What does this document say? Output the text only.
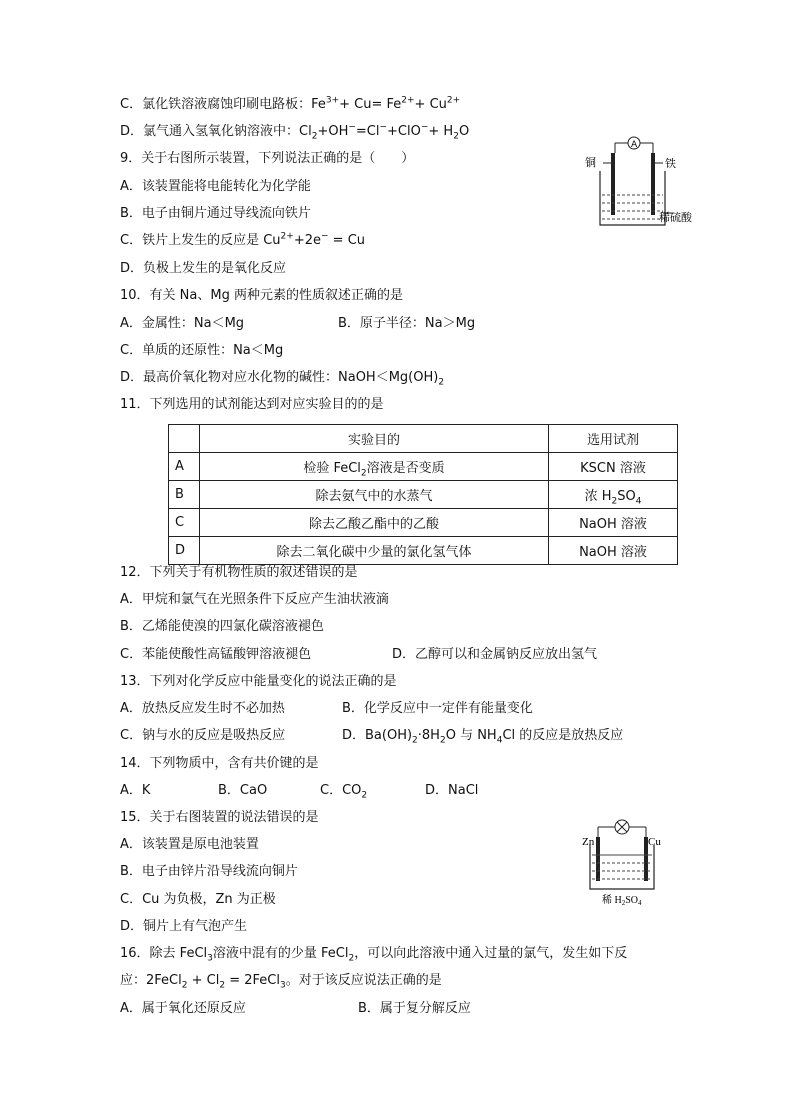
C．氯化铁溶液腐蚀印刷电路板：$Fe^{3+}+ Cu= Fe^{2+}+ Cu^{2+}$
D．氯气通入氢氧化钠溶液中：$Cl_2+OH^-=Cl^-+ClO^-+ H_2O$
9．关于右图所示装置，下列说法正确的是（　　）
A．该装置能将电能转化为化学能
B．电子由铜片通过导线流向铁片
C．铁片上发生的反应是 $Cu^{2+}+2e^- = Cu$
D．负极上发生的是氧化反应
A
铜	铁
稀硫酸
10．有关 Na、Mg 两种元素的性质叙述正确的是
A．金属性：Na＜Mg	B．原子半径：Na＞Mg
C．单质的还原性：Na＜Mg
D．最高价氧化物对应水化物的碱性：$NaOH<Mg(OH)_2$
11．下列选用的试剂能达到对应实验目的的是
	实验目的	选用试剂
A	检验 FeCl$_2$溶液是否变质	KSCN 溶液
B	除去氨气中的水蒸气	浓 $H_2SO_4$
C	除去乙酸乙酯中的乙酸	NaOH 溶液
D	除去二氧化碳中少量的氯化氢气体	NaOH 溶液
12．下列关于有机物性质的叙述错误的是
A．甲烷和氯气在光照条件下反应产生油状液滴
B．乙烯能使溴的四氯化碳溶液褪色
C．苯能使酸性高锰酸钾溶液褪色	D．乙醇可以和金属钠反应放出氢气
13．下列对化学反应中能量变化的说法正确的是
A．放热反应发生时不必加热	B．化学反应中一定伴有能量变化
C．钠与水的反应是吸热反应	D．$Ba(OH)_2\cdot 8H_2O$ 与 $NH_4Cl$ 的反应是放热反应
14．下列物质中，含有共价键的是
A．K	B．CaO	C．$CO_2$	D．NaCl
15．关于右图装置的说法错误的是
A．该装置是原电池装置
B．电子由锌片沿导线流向铜片
C．Cu 为负极，Zn 为正极
D．铜片上有气泡产生
Zn	Cu
稀 $H_2SO_4$
16．除去 FeCl$_3$溶液中混有的少量 FeCl$_2$，可以向此溶液中通入过量的氯气，发生如下反
应：2FeCl$_2$ + $Cl_2$ = 2FeCl$_3$。对于该反应说法正确的是
A．属于氧化还原反应	B．属于复分解反应
